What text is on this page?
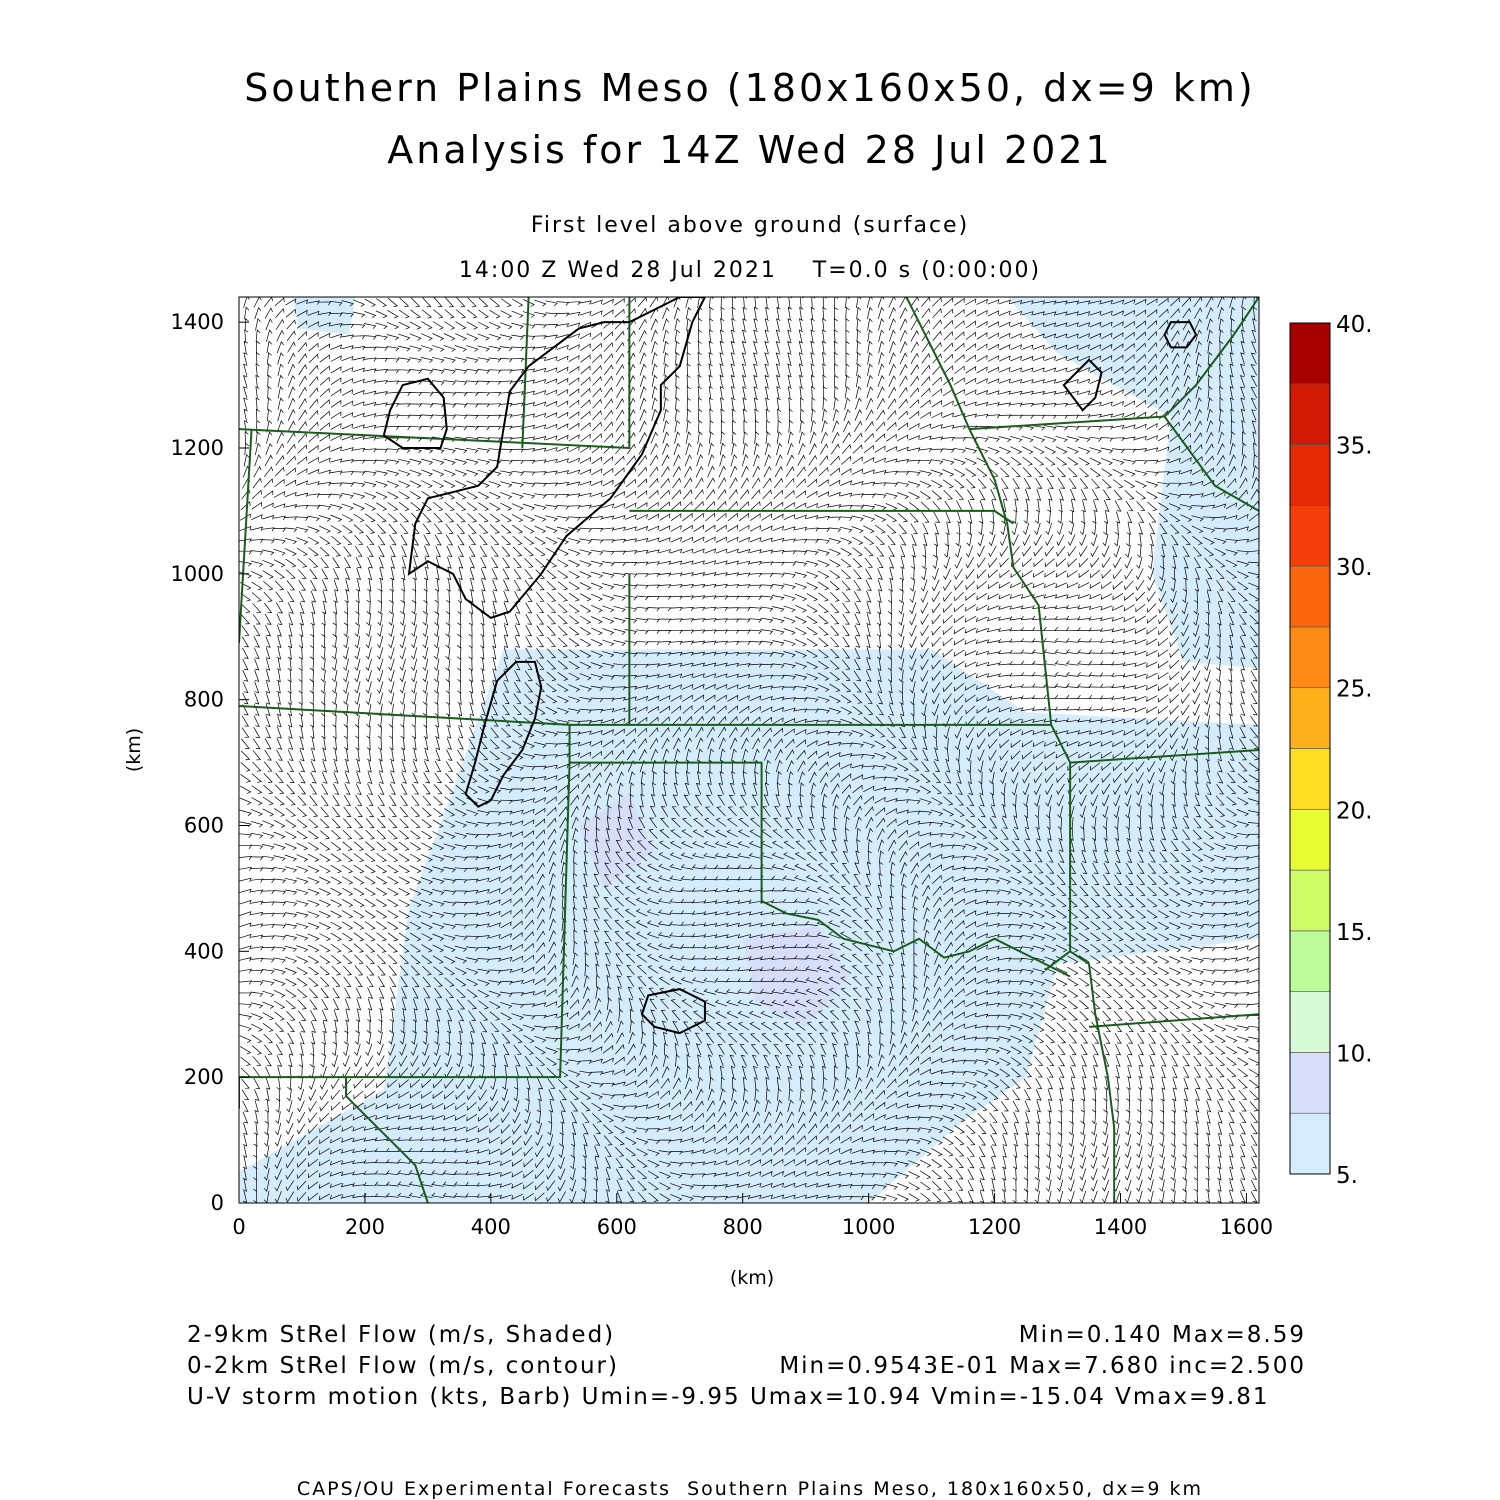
Southern Plains Meso (180x160x50, dx=9 km)
Analysis for 14Z Wed 28 Jul 2021
First level above ground (surface)
14:00 Z Wed 28 Jul 2021    T=0.0 s (0:00:00)
0	200	400	600	800	1000	1200	1400	1600
0
200
400
600
800
1000
1200
1400
5.
10.
15.
20.
25.
30.
35.
40.
(km)
(km)
2-9km StRel Flow (m/s, Shaded)	Min=0.140 Max=8.59
0-2km StRel Flow (m/s, contour)	Min=0.9543E-01 Max=7.680 inc=2.500
U-V storm motion (kts, Barb) Umin=-9.95 Umax=10.94 Vmin=-15.04 Vmax=9.81
CAPS/OU Experimental Forecasts  Southern Plains Meso, 180x160x50, dx=9 km
